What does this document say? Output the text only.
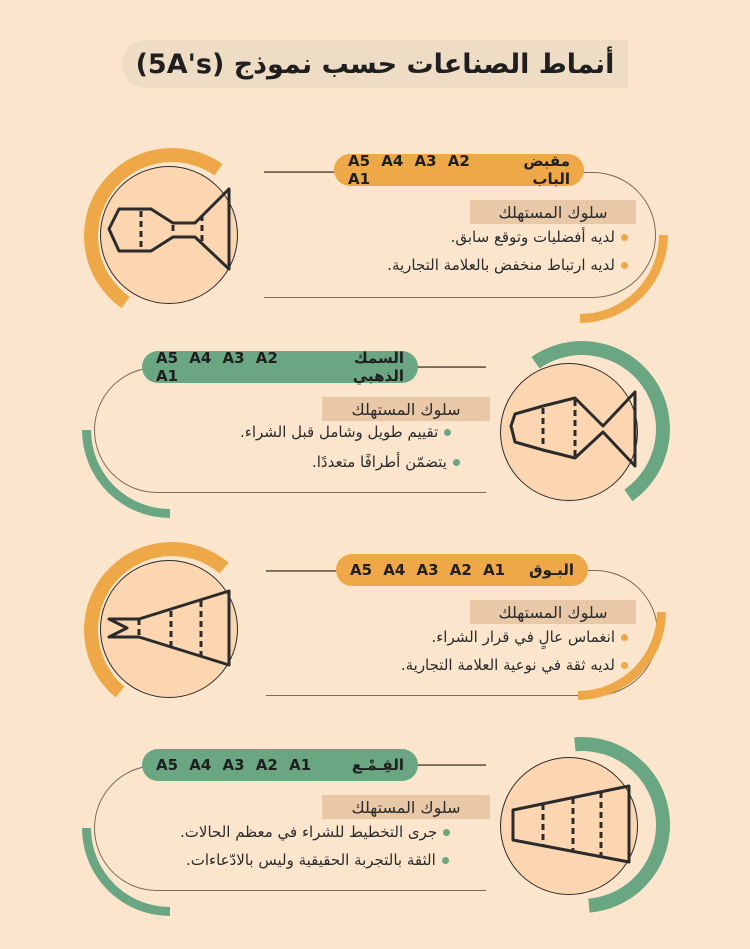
أنماط الصناعات حسب نموذج (5A's)
A5 A4 A3 A2 A1
مقبض الباب
سلوك المستهلك
لديه أفضليات وتوقع سابق.
لديه ارتباط منخفض بالعلامة التجارية.
A5 A4 A3 A2 A1
السمك الذهبي
سلوك المستهلك
تقييم طويل وشامل قبل الشراء.
يتضمّن أطرافًا متعددًا.
A5 A4 A3 A2 A1 البـوق
سلوك المستهلك
انغماس عالٍ في قرار الشراء.
لديه ثقة في نوعية العلامة التجارية.
A5 A4 A3 A2 A1	القِـمْـع
سلوك المستهلك
جرى التخطيط للشراء في معظم الحالات.
الثقة بالتجربة الحقيقية وليس بالادّعاءات.
